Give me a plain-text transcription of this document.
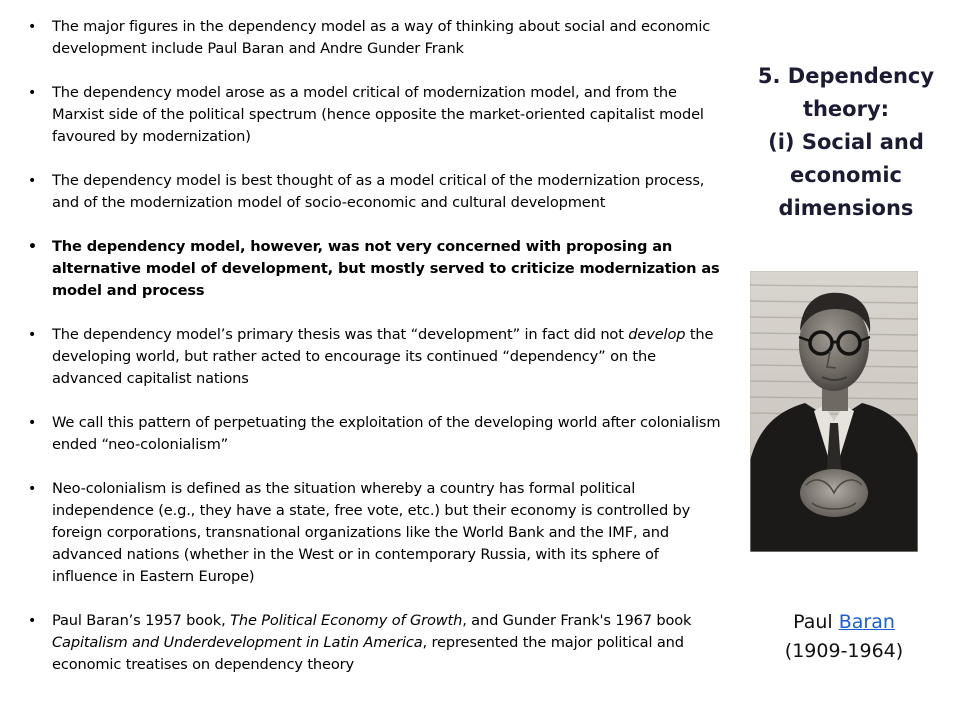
• The major figures in the dependency model as a way of thinking about social and economic development include Paul Baran and Andre Gunder Frank
• The dependency model arose as a model critical of modernization model, and from the Marxist side of the political spectrum (hence opposite the market-oriented capitalist model favoured by modernization)
• The dependency model is best thought of as a model critical of the modernization process, and of the modernization model of socio-economic and cultural development
• The dependency model, however, was not very concerned with proposing an alternative model of development, but mostly served to criticize modernization as model and process
• The dependency model’s primary thesis was that “development” in fact did not develop the developing world, but rather acted to encourage its continued “dependency” on the advanced capitalist nations
• We call this pattern of perpetuating the exploitation of the developing world after colonialism ended “neo-colonialism”
• Neo-colonialism is defined as the situation whereby a country has formal political independence (e.g., they have a state, free vote, etc.) but their economy is controlled by foreign corporations, transnational organizations like the World Bank and the IMF, and advanced nations (whether in the West or in contemporary Russia, with its sphere of influence in Eastern Europe)
• Paul Baran’s 1957 book, The Political Economy of Growth, and Gunder Frank's 1967 book Capitalism and Underdevelopment in Latin America, represented the major political and economic treatises on dependency theory
5. Dependency
theory:
(i) Social and
economic
dimensions
Paul Baran
(1909-1964)
